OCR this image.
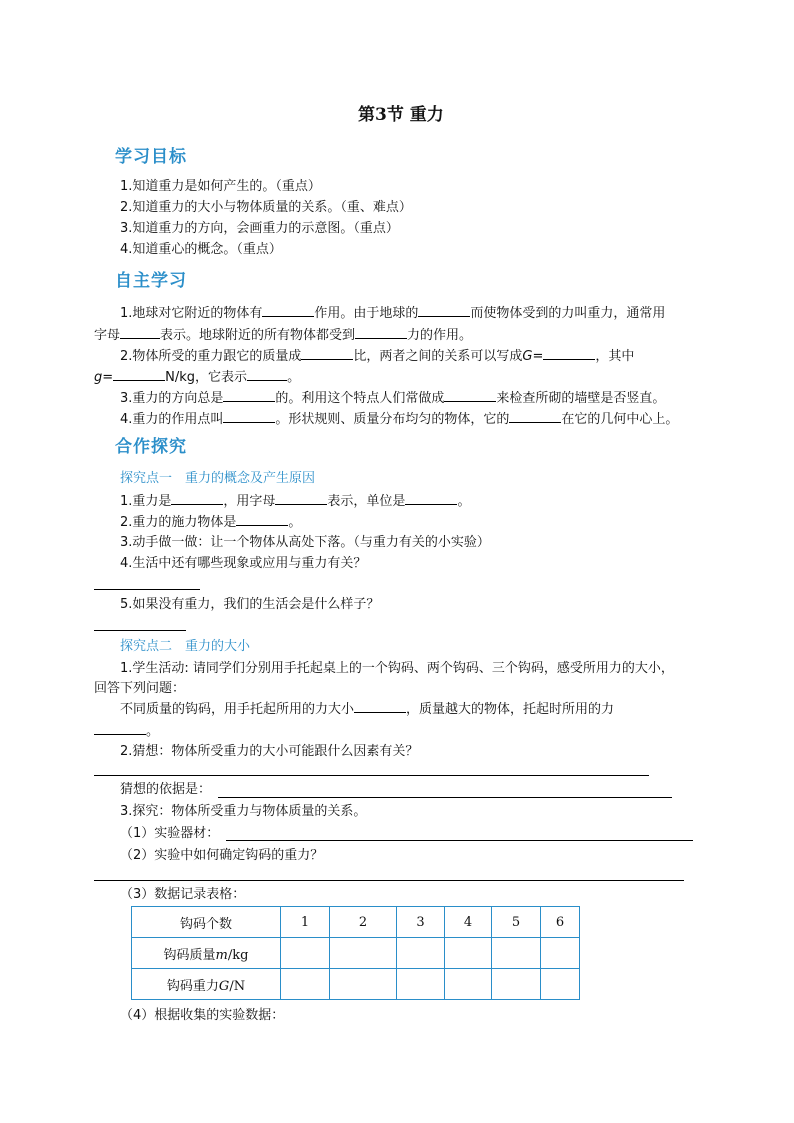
第3节 重力
学习目标
1.知道重力是如何产生的。（重点）
2.知道重力的大小与物体质量的关系。（重、难点）
3.知道重力的方向，会画重力的示意图。（重点）
4.知道重心的概念。（重点）
自主学习
1.地球对它附近的物体有	作用。由于地球的	而使物体受到的力叫重力，通常用
字母	表示。地球附近的所有物体都受到	力的作用。
2.物体所受的重力跟它的质量成	比，两者之间的关系可以写成G=	，其中
g=	N/kg，它表示	。
3.重力的方向总是	的。利用这个特点人们常做成	来检查所砌的墙壁是否竖直。
4.重力的作用点叫	。形状规则、质量分布均匀的物体，它的	在它的几何中心上。
合作探究
探究点一　重力的概念及产生原因
1.重力是	，用字母	表示，单位是	。
2.重力的施力物体是	。
3.动手做一做：让一个物体从高处下落。（与重力有关的小实验）
4.生活中还有哪些现象或应用与重力有关？
5.如果没有重力，我们的生活会是什么样子？
探究点二　重力的大小
1.学生活动: 请同学们分别用手托起桌上的一个钩码、两个钩码、三个钩码，感受所用力的大小，
回答下列问题：
不同质量的钩码，用手托起所用的力大小	，质量越大的物体，托起时所用的力
。
2.猜想：物体所受重力的大小可能跟什么因素有关？
猜想的依据是：
3.探究：物体所受重力与物体质量的关系。
（1）实验器材：
（2）实验中如何确定钩码的重力？
（3）数据记录表格：
钩码个数	1	2	3	4	5	6
钩码质量m/kg						
钩码重力G/N						
（4）根据收集的实验数据：
